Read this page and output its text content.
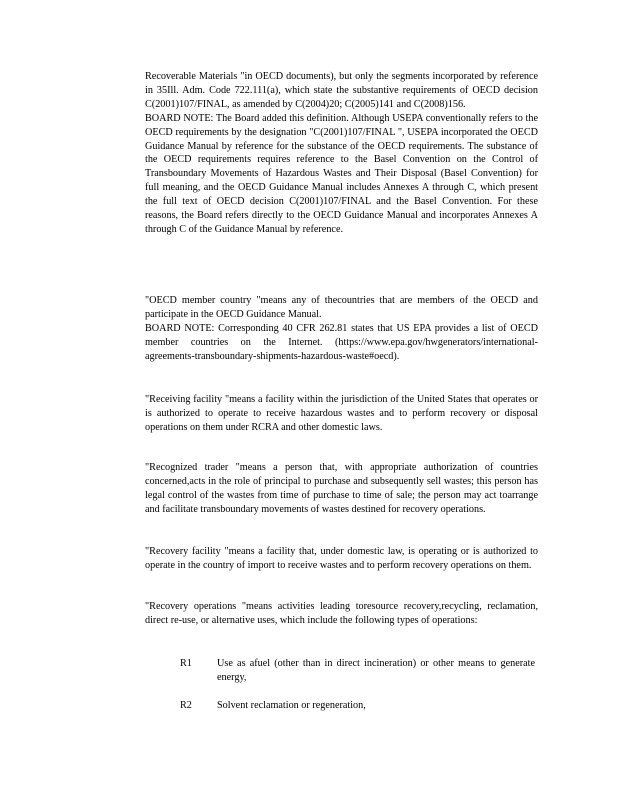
Recoverable Materials "in OECD documents), but only the segments incorporated by reference in 35Ill. Adm. Code 722.111(a), which state the substantive requirements of OECD decision C(2001)107/FINAL, as amended by C(2004)20; C(2005)141 and C(2008)156.

BOARD NOTE: The Board added this definition. Although USEPA conventionally refers to the OECD requirements by the designation "C(2001)107/FINAL ", USEPA incorporated the OECD Guidance Manual by reference for the substance of the OECD requirements. The substance of the OECD requirements requires reference to the Basel Convention on the Control of Transboundary Movements of Hazardous Wastes and Their Disposal (Basel Convention) for full meaning, and the OECD Guidance Manual includes Annexes A through C, which present the full text of OECD decision C(2001)107/FINAL and the Basel Convention. For these reasons, the Board refers directly to the OECD Guidance Manual and incorporates Annexes A through C of the Guidance Manual by reference.

"OECD member country "means any of thecountries that are members of the OECD and participate in the OECD Guidance Manual.

BOARD NOTE: Corresponding 40 CFR 262.81 states that US EPA provides a list of OECD member countries on the Internet. (https://www.epa.gov/hwgenerators/international-agreements-transboundary-shipments-hazardous-waste#oecd).

"Receiving facility "means a facility within the jurisdiction of the United States that operates or is authorized to operate to receive hazardous wastes and to perform recovery or disposal operations on them under RCRA and other domestic laws.

"Recognized trader "means a person that, with appropriate authorization of countries concerned,acts in the role of principal to purchase and subsequently sell wastes; this person has legal control of the wastes from time of purchase to time of sale; the person may act toarrange and facilitate transboundary movements of wastes destined for recovery operations.

"Recovery facility "means a facility that, under domestic law, is operating or is authorized to operate in the country of import to receive wastes and to perform recovery operations on them.

"Recovery operations "means activities leading toresource recovery,recycling, reclamation, direct re-use, or alternative uses, which include the following types of operations:

R1	Use as afuel (other than in direct incineration) or other means to generate energy,
R2	Solvent reclamation or regeneration,
